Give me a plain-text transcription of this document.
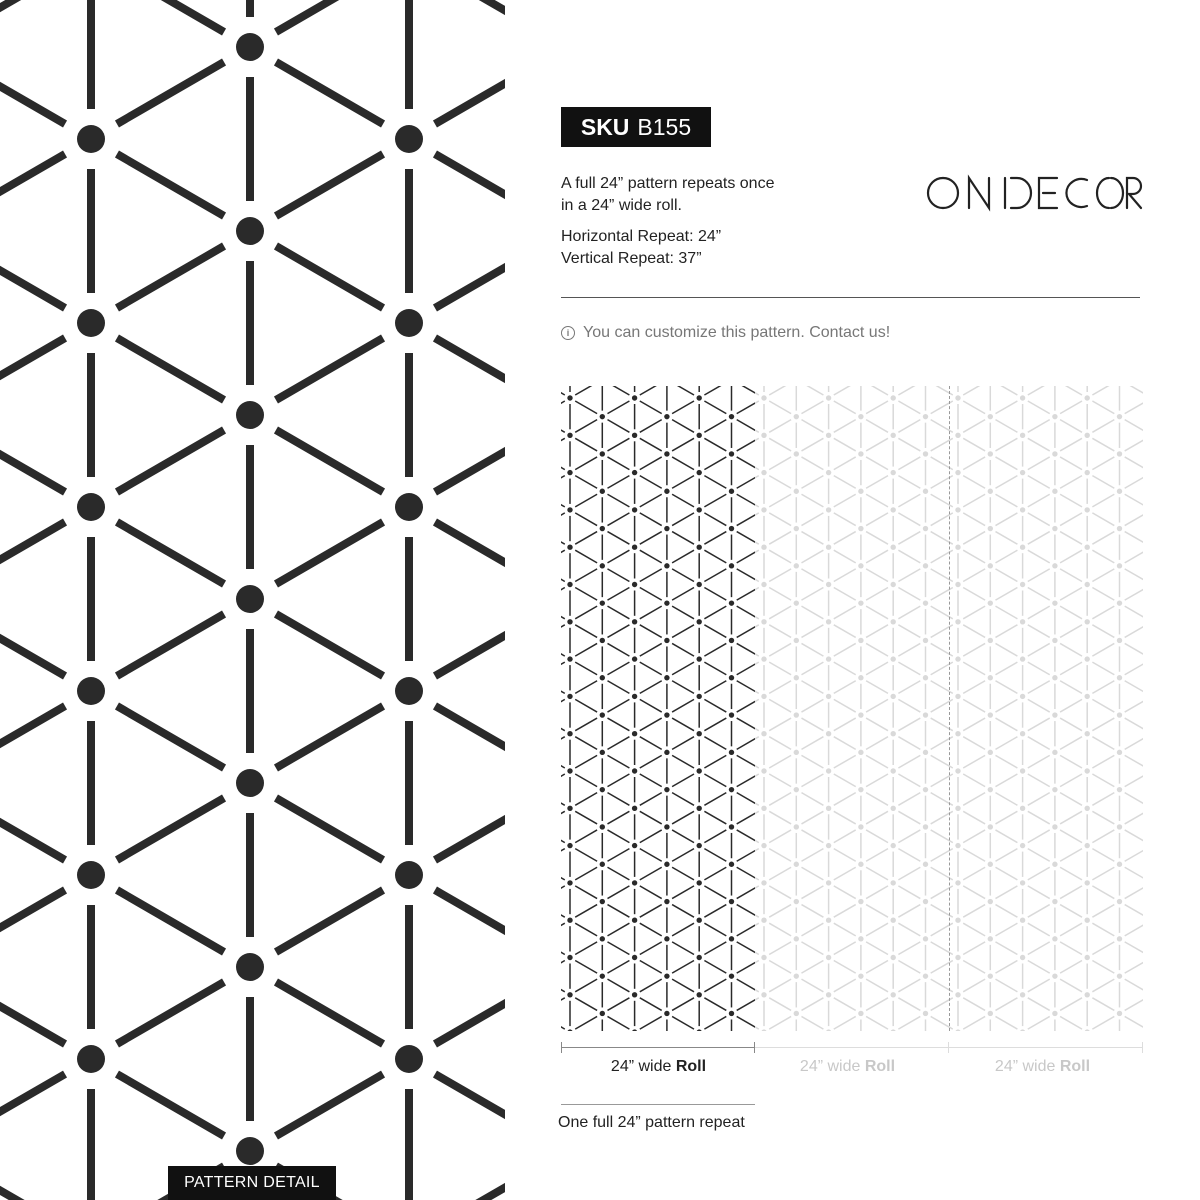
PATTERN DETAIL
SKU B155
A full 24” pattern repeats once
in a 24” wide roll.
Horizontal Repeat: 24”
Vertical Repeat: 37”
i You can customize this pattern. Contact us!
24” wide Roll	24” wide Roll	24” wide Roll
One full 24” pattern repeat
